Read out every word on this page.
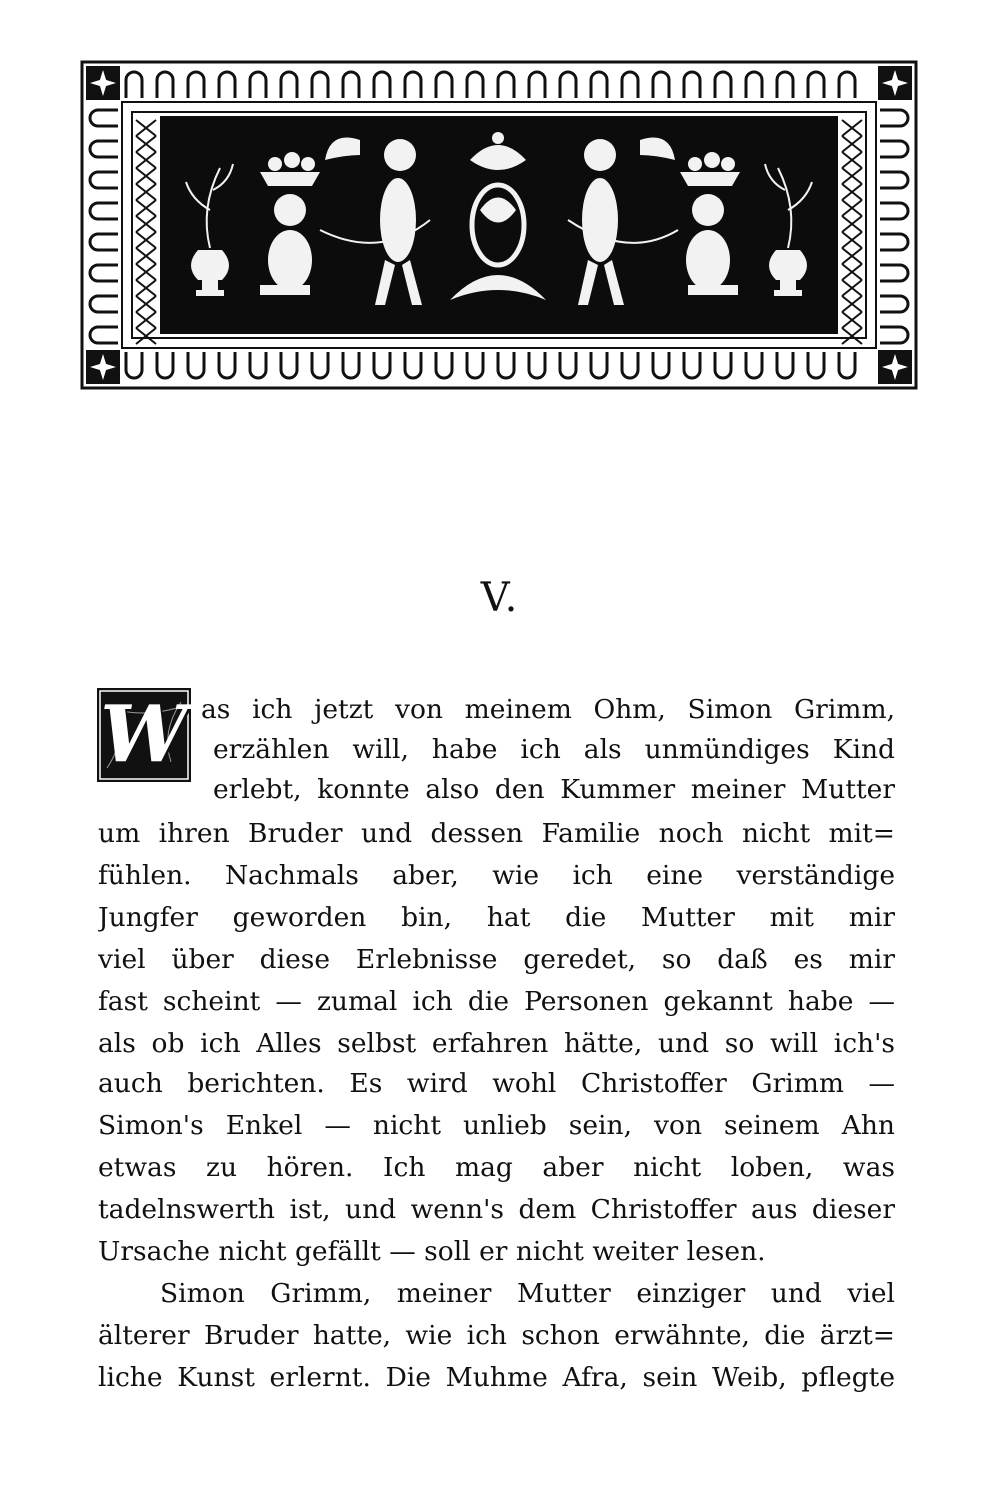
V.
W as ich jetzt von meinem Ohm, Simon Grimm,
erzählen will, habe ich als unmündiges Kind
erlebt, konnte also den Kummer meiner Mutter
um ihren Bruder und dessen Familie noch nicht mit=
fühlen. Nachmals aber, wie ich eine verständige
Jungfer geworden bin, hat die Mutter mit mir
viel über diese Erlebnisse geredet, so daß es mir
fast scheint — zumal ich die Personen gekannt habe —
als ob ich Alles selbst erfahren hätte, und so will ich's
auch berichten. Es wird wohl Christoffer Grimm —
Simon's Enkel — nicht unlieb sein, von seinem Ahn
etwas zu hören. Ich mag aber nicht loben, was
tadelnswerth ist, und wenn's dem Christoffer aus dieser
Ursache nicht gefällt — soll er nicht weiter lesen.
Simon Grimm, meiner Mutter einziger und viel
älterer Bruder hatte, wie ich schon erwähnte, die ärzt=
liche Kunst erlernt. Die Muhme Afra, sein Weib, pflegte
